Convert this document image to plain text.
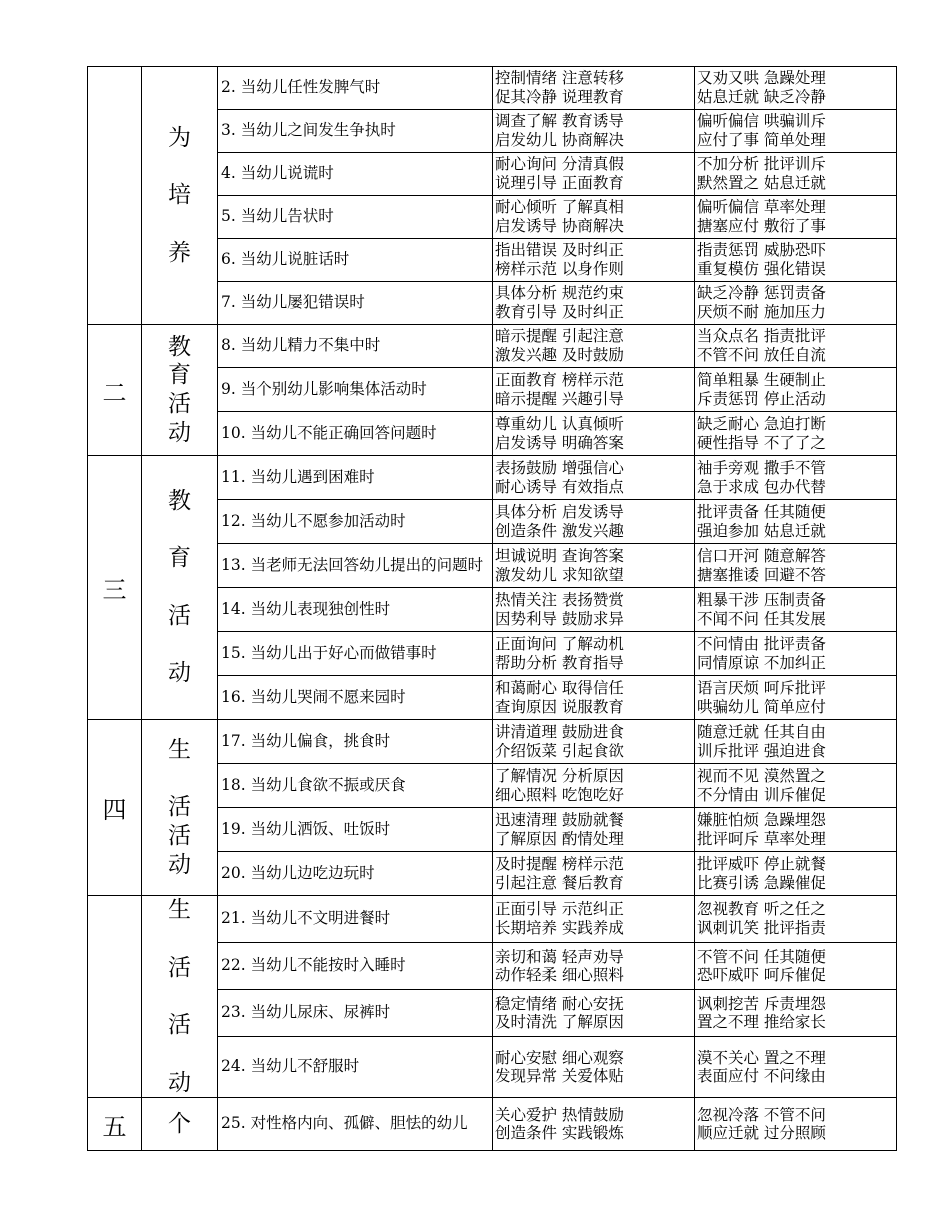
	为

培

养	2. 当幼儿任性发脾气时	控制情绪 注意转移
促其冷静 说理教育	又劝又哄 急躁处理
姑息迁就 缺乏冷静

		3. 当幼儿之间发生争执时	调查了解 教育诱导
启发幼儿 协商解决	偏听偏信 哄骗训斥
应付了事 简单处理

		4. 当幼儿说谎时	耐心询问 分清真假
说理引导 正面教育	不加分析 批评训斥
默然置之 姑息迁就

		5. 当幼儿告状时	耐心倾听 了解真相
启发诱导 协商解决	偏听偏信 草率处理
搪塞应付 敷衍了事

		6. 当幼儿说脏话时	指出错误 及时纠正
榜样示范 以身作则	指责惩罚 威胁恐吓
重复模仿 强化错误

		7. 当幼儿屡犯错误时	具体分析 规范约束
教育引导 及时纠正	缺乏冷静 惩罚责备
厌烦不耐 施加压力

二	教
育
活
动	8. 当幼儿精力不集中时	暗示提醒 引起注意
激发兴趣 及时鼓励	当众点名 指责批评
不管不问 放任自流

		9. 当个别幼儿影响集体活动时	正面教育 榜样示范
暗示提醒 兴趣引导	简单粗暴 生硬制止
斥责惩罚 停止活动

		10. 当幼儿不能正确回答问题时	尊重幼儿 认真倾听
启发诱导 明确答案	缺乏耐心 急迫打断
硬性指导 不了了之

三	教

育

活

动	11. 当幼儿遇到困难时	表扬鼓励 增强信心
耐心诱导 有效指点	袖手旁观 撒手不管
急于求成 包办代替

		12. 当幼儿不愿参加活动时	具体分析 启发诱导
创造条件 激发兴趣	批评责备 任其随便
强迫参加 姑息迁就

		13. 当老师无法回答幼儿提出的问题时	坦诚说明 查询答案
激发幼儿 求知欲望	信口开河 随意解答
搪塞推诿 回避不答

		14. 当幼儿表现独创性时	热情关注 表扬赞赏
因势利导 鼓励求异	粗暴干涉 压制责备
不闻不问 任其发展

		15. 当幼儿出于好心而做错事时	正面询问 了解动机
帮助分析 教育指导	不问情由 批评责备
同情原谅 不加纠正

		16. 当幼儿哭闹不愿来园时	和蔼耐心 取得信任
查询原因 说服教育	语言厌烦 呵斥批评
哄骗幼儿 简单应付

四	生

活
活
动	17. 当幼儿偏食，挑食时	讲清道理 鼓励进食
介绍饭菜 引起食欲	随意迁就 任其自由
训斥批评 强迫进食

		18. 当幼儿食欲不振或厌食	了解情况 分析原因
细心照料 吃饱吃好	视而不见 漠然置之
不分情由 训斥催促

		19. 当幼儿洒饭、吐饭时	迅速清理 鼓励就餐
了解原因 酌情处理	嫌脏怕烦 急躁埋怨
批评呵斥 草率处理

		20. 当幼儿边吃边玩时	及时提醒 榜样示范
引起注意 餐后教育	批评威吓 停止就餐
比赛引诱 急躁催促

	生

活

活

动	21. 当幼儿不文明进餐时	正面引导 示范纠正
长期培养 实践养成	忽视教育 听之任之
讽刺讥笑 批评指责

		22. 当幼儿不能按时入睡时	亲切和蔼 轻声劝导
动作轻柔 细心照料	不管不问 任其随便
恐吓威吓 呵斥催促

		23. 当幼儿尿床、尿裤时	稳定情绪 耐心安抚
及时清洗 了解原因	讽刺挖苦 斥责埋怨
置之不理 推给家长

		24. 当幼儿不舒服时	耐心安慰 细心观察
发现异常 关爱体贴	漠不关心 置之不理
表面应付 不问缘由

五	个	25. 对性格内向、孤僻、胆怯的幼儿	关心爱护 热情鼓励
创造条件 实践锻炼	忽视冷落 不管不问
顺应迁就 过分照顾
